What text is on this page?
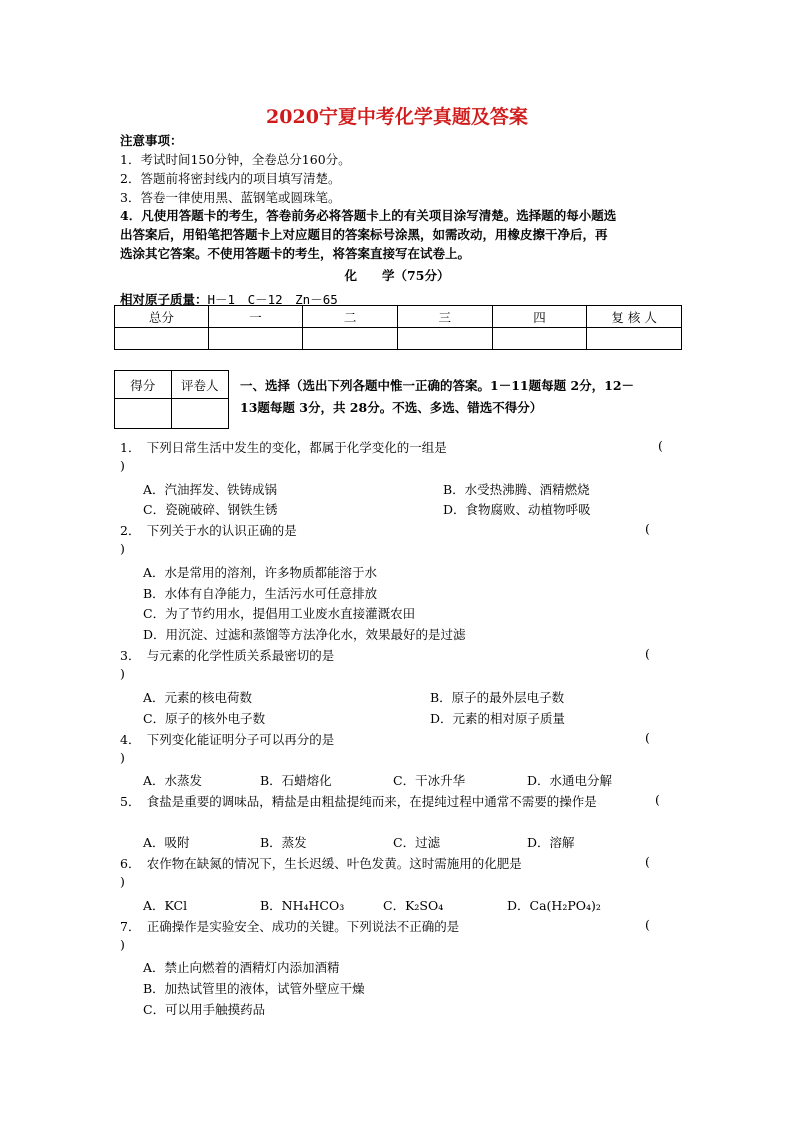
2020宁夏中考化学真题及答案
注意事项：
1．考试时间150分钟，全卷总分160分。
2．答题前将密封线内的项目填写清楚。
3．答卷一律使用黑、蓝钢笔或圆珠笔。
4．凡使用答题卡的考生，答卷前务必将答题卡上的有关项目涂写清楚。选择题的每小题选
出答案后，用铅笔把答题卡上对应题目的答案标号涂黑，如需改动，用橡皮擦干净后，再
选涂其它答案。不使用答题卡的考生，将答案直接写在试卷上。
化　　学（75分）
相对原子质量：H－1　C－12　Zn－65
总分	一	二	三	四	复 核 人

得分	评卷人
	一、选择（选出下列各题中惟一正确的答案。1－11题每题 2分，12－
13题每题 3分，共 28分。不选、多选、错选不得分）
1．　下列日常生活中发生的变化，都属于化学变化的一组是	(
)
A．汽油挥发、铁铸成锅	B．水受热沸腾、酒精燃烧
C．瓷碗破碎、钢铁生锈	D．食物腐败、动植物呼吸
2．　下列关于水的认识正确的是	(
)
A．水是常用的溶剂，许多物质都能溶于水
B．水体有自净能力，生活污水可任意排放
C．为了节约用水，提倡用工业废水直接灌溉农田
D．用沉淀、过滤和蒸馏等方法净化水，效果最好的是过滤
3．　与元素的化学性质关系最密切的是	(
)
A．元素的核电荷数	B．原子的最外层电子数
C．原子的核外电子数	D．元素的相对原子质量
4．　下列变化能证明分子可以再分的是	(
)
A．水蒸发	B．石蜡熔化	C．干冰升华	D．水通电分解
5．　食盐是重要的调味品，精盐是由粗盐提纯而来，在提纯过程中通常不需要的操作是	(
A．吸附	B．蒸发	C．过滤	D．溶解
6．　农作物在缺氮的情况下，生长迟缓、叶色发黄。这时需施用的化肥是	(
)
A．KCl	B．NH₄HCO₃	C．K₂SO₄	D．Ca(H₂PO₄)₂
7．　正确操作是实验安全、成功的关键。下列说法不正确的是	(
)
A．禁止向燃着的酒精灯内添加酒精
B．加热试管里的液体，试管外壁应干燥
C．可以用手触摸药品
